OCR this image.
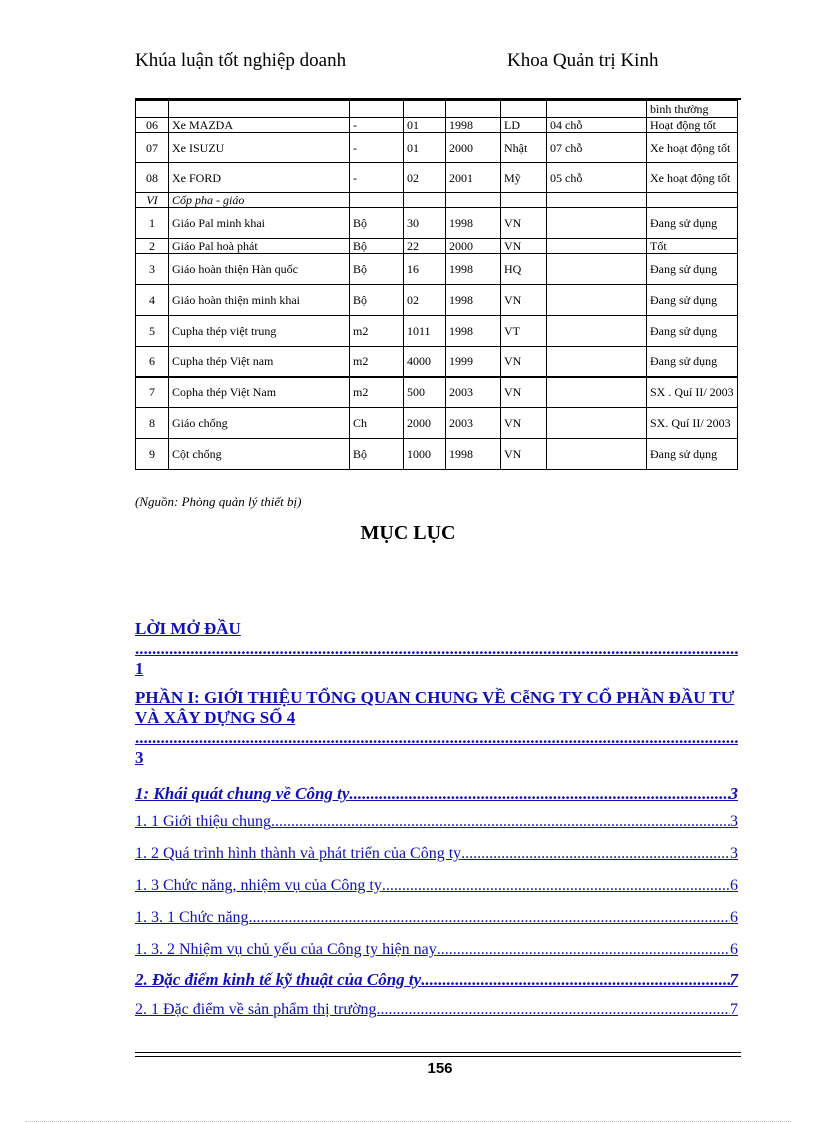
Khúa luận tốt nghiệp doanh	Khoa Quản trị Kinh
							bình thường
06	Xe MAZDA	-	01	1998	LD	04 chỗ	Hoạt động tốt
07	Xe ISUZU	-	01	2000	Nhật	07 chỗ	Xe hoạt động tốt
08	Xe FORD	-	02	2001	Mỹ	05 chỗ	Xe hoạt động tốt
VI	Cốp pha - giáo						
1	Giáo Pal minh khai	Bộ	30	1998	VN		Đang sử dụng
2	Giáo Pal hoà phát	Bộ	22	2000	VN		Tốt
3	Giáo hoàn thiện Hàn quốc	Bộ	16	1998	HQ		Đang sử dụng
4	Giáo hoàn thiện minh khai	Bộ	02	1998	VN		Đang sử dụng
5	Cupha thép việt trung	m2	1011	1998	VT		Đang sử dụng
6	Cupha thép Việt nam	m2	4000	1999	VN		Đang sử dụng
7	Copha thép Việt Nam	m2	500	2003	VN		SX . Quí II/ 2003
8	Giáo chống	Ch	2000	2003	VN		SX. Quí II/ 2003
9	Cột chống	Bộ	1000	1998	VN		Đang sử dụng
(Nguồn: Phòng quản lý thiết bị)
MỤC LỤC
LỜI MỞ ĐẦU
.....
1
PHẦN I: GIỚI THIỆU TỔNG QUAN CHUNG VỀ CễNG TY CỔ PHẦN ĐẦU TƯ VÀ XÂY DỰNG SỐ 4
.....
3
1: Khái quát chung về Công ty .....	3
1. 1 Giới thiệu chung .....	3
1. 2 Quá trình hình thành và phát triển của Công ty .....	3
1. 3 Chức năng, nhiệm vụ của Công ty .....	6
1. 3. 1 Chức năng .....	6
1. 3. 2 Nhiệm vụ chủ yếu của Công ty hiện nay .....	6
2. Đặc điểm kinh tế kỹ thuật của Công ty .....	7
2. 1 Đặc điểm về sản phẩm thị trường .....	7
156
